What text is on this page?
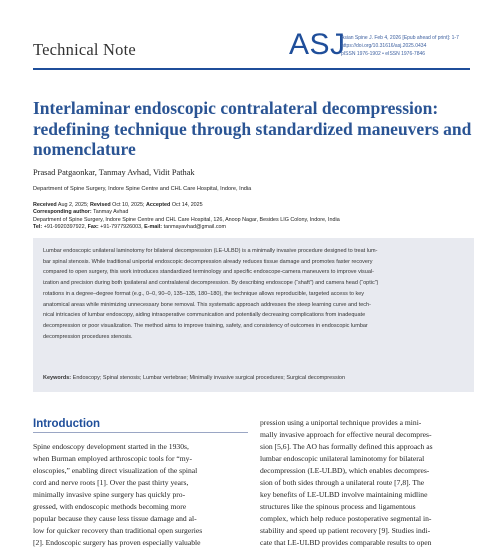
Technical Note	ASJ
Asian Spine J. Feb 4, 2026 [Epub ahead of print]: 1-7
https://doi.org/10.31616/asj.2025.0434
pISSN 1976-1902 • eISSN 1976-7846
Interlaminar endoscopic contralateral decompression: redefining technique through standardized maneuvers and nomenclature
Prasad Patgaonkar, Tanmay Avhad, Vidit Pathak
Department of Spine Surgery, Indore Spine Centre and CHL Care Hospital, Indore, India
Received Aug 2, 2025; Revised Oct 10, 2025; Accepted Oct 14, 2025
Corresponding author: Tanmay Avhad
Department of Spine Surgery, Indore Spine Centre and CHL Care Hospital, 126, Anoop Nagar, Besides LIG Colony, Indore, India
Tel: +91-9920397922, Fax: +91-7977926003, E-mail: tanmayavhad@gmail.com
Lumbar endoscopic unilateral laminotomy for bilateral decompression (LE-ULBD) is a minimally invasive procedure designed to treat lum-
bar spinal stenosis. While traditional uniportal endoscopic decompression already reduces tissue damage and promotes faster recovery
compared to open surgery, this work introduces standardized terminology and specific endoscope-camera maneuvers to improve visual-
ization and precision during both ipsilateral and contralateral decompression. By describing endoscope (“shaft”) and camera head (“optic”)
rotations in a degree–degree format (e.g., 0–0, 90–0, 135–135, 180–180), the technique allows reproducible, targeted access to key
anatomical areas while minimizing unnecessary bone removal. This systematic approach addresses the steep learning curve and tech-
nical intricacies of lumbar endoscopy, aiding intraoperative communication and potentially decreasing complications from inadequate
decompression or poor visualization. The method aims to improve training, safety, and consistency of outcomes in endoscopic lumbar
decompression procedures stenosis.
Keywords: Endoscopy; Spinal stenosis; Lumbar vertebrae; Minimally invasive surgical procedures; Surgical decompression
Introduction
Spine endoscopy development started in the 1930s,
when Burman employed arthroscopic tools for “my-
eloscopies,” enabling direct visualization of the spinal
cord and nerve roots [1]. Over the past thirty years,
minimally invasive spine surgery has quickly pro-
gressed, with endoscopic methods becoming more
popular because they cause less tissue damage and al-
low for quicker recovery than traditional open surgeries
[2]. Endoscopic surgery has proven especially valuable
pression using a uniportal technique provides a mini-
mally invasive approach for effective neural decompres-
sion [5,6]. The AO has formally defined this approach as
lumbar endoscopic unilateral laminotomy for bilateral
decompression (LE-ULBD), which enables decompres-
sion of both sides through a unilateral route [7,8]. The
key benefits of LE-ULBD involve maintaining midline
structures like the spinous process and ligamentous
complex, which help reduce postoperative segmental in-
stability and speed up patient recovery [9]. Studies indi-
cate that LE-ULBD provides comparable results to open
